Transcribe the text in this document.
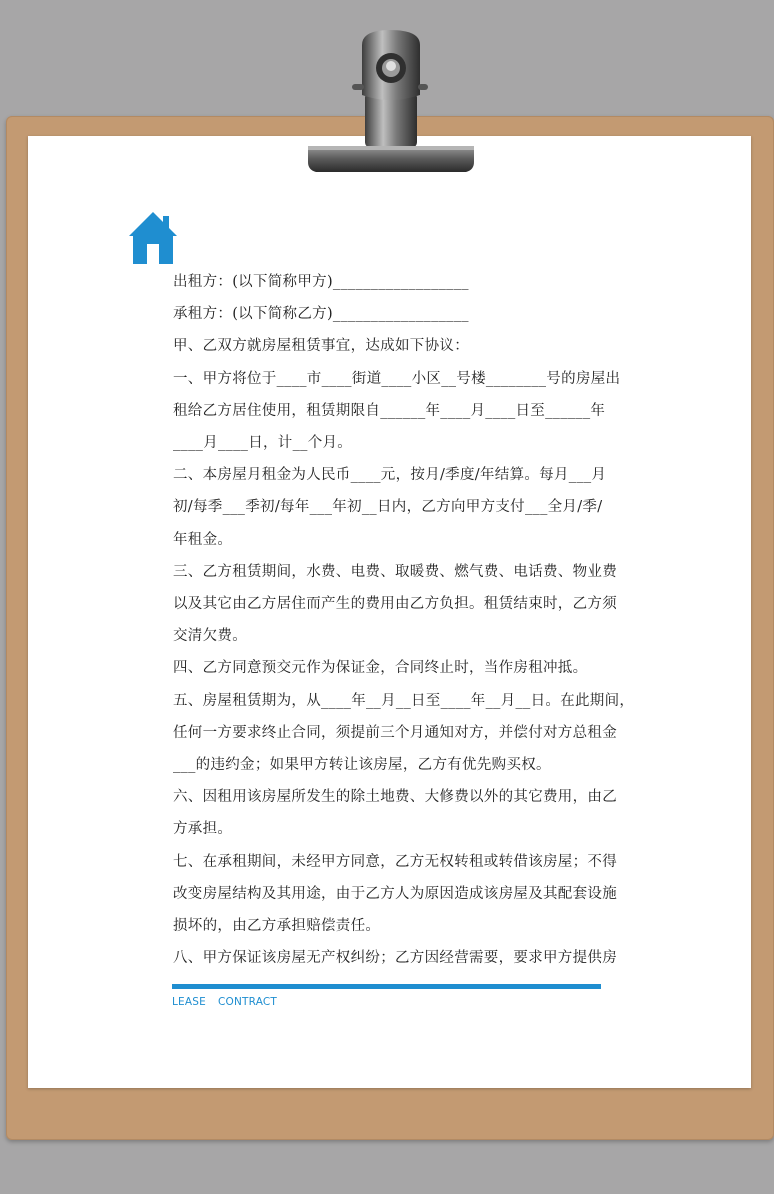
出租方：(以下简称甲方)__________________

承租方：(以下简称乙方)__________________

甲、乙双方就房屋租赁事宜，达成如下协议：

一、甲方将位于____市____街道____小区__号楼________号的房屋出

租给乙方居住使用，租赁期限自______年____月____日至______年

____月____日，计__个月。

二、本房屋月租金为人民币____元，按月/季度/年结算。每月___月

初/每季___季初/每年___年初__日内，乙方向甲方支付___全月/季/

年租金。

三、乙方租赁期间，水费、电费、取暖费、燃气费、电话费、物业费

以及其它由乙方居住而产生的费用由乙方负担。租赁结束时，乙方须

交清欠费。

四、乙方同意预交元作为保证金，合同终止时，当作房租冲抵。

五、房屋租赁期为，从____年__月__日至____年__月__日。在此期间，

任何一方要求终止合同，须提前三个月通知对方，并偿付对方总租金

___的违约金；如果甲方转让该房屋，乙方有优先购买权。

六、因租用该房屋所发生的除土地费、大修费以外的其它费用，由乙

方承担。

七、在承租期间，未经甲方同意，乙方无权转租或转借该房屋；不得

改变房屋结构及其用途，由于乙方人为原因造成该房屋及其配套设施

损坏的，由乙方承担赔偿责任。

八、甲方保证该房屋无产权纠纷；乙方因经营需要，要求甲方提供房

LEASE CONTRACT
